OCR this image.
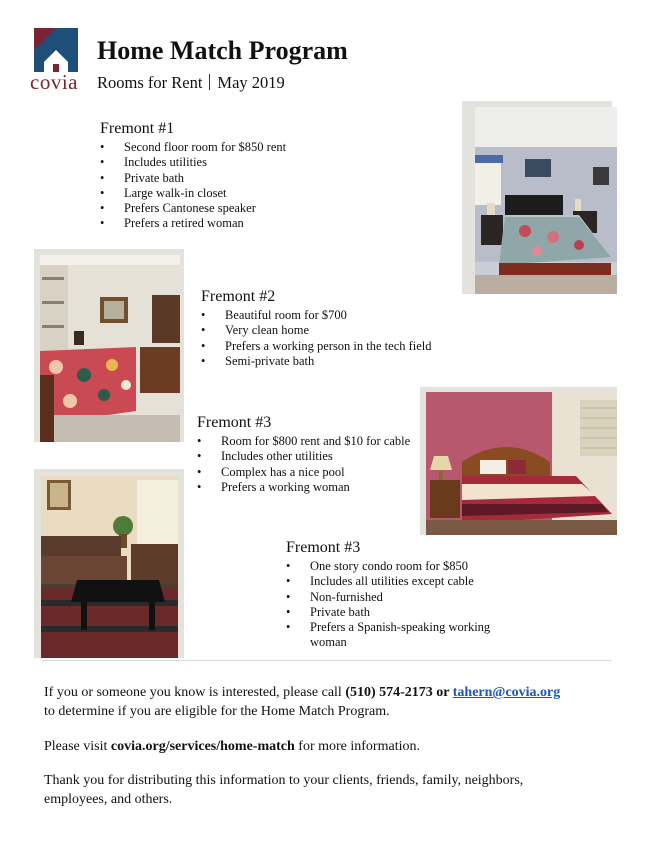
covia
Home Match Program
Rooms for Rent May 2019
Fremont #1
• Second floor room for $850 rent
• Includes utilities
• Private bath
• Large walk-in closet
• Prefers Cantonese speaker
• Prefers a retired woman
Fremont #2
• Beautiful room for $700
• Very clean home
• Prefers a working person in the tech field
• Semi-private bath
Fremont #3
• Room for $800 rent and $10 for cable
• Includes other utilities
• Complex has a nice pool
• Prefers a working woman
Fremont #3
• One story condo room for $850
• Includes all utilities except cable
• Non-furnished
• Private bath
• Prefers a Spanish-speaking working woman
If you or someone you know is interested, please call (510) 574-2173 or tahern@covia.org
to determine if you are eligible for the Home Match Program.
Please visit covia.org/services/home-match for more information.
Thank you for distributing this information to your clients, friends, family, neighbors, employees, and others.
